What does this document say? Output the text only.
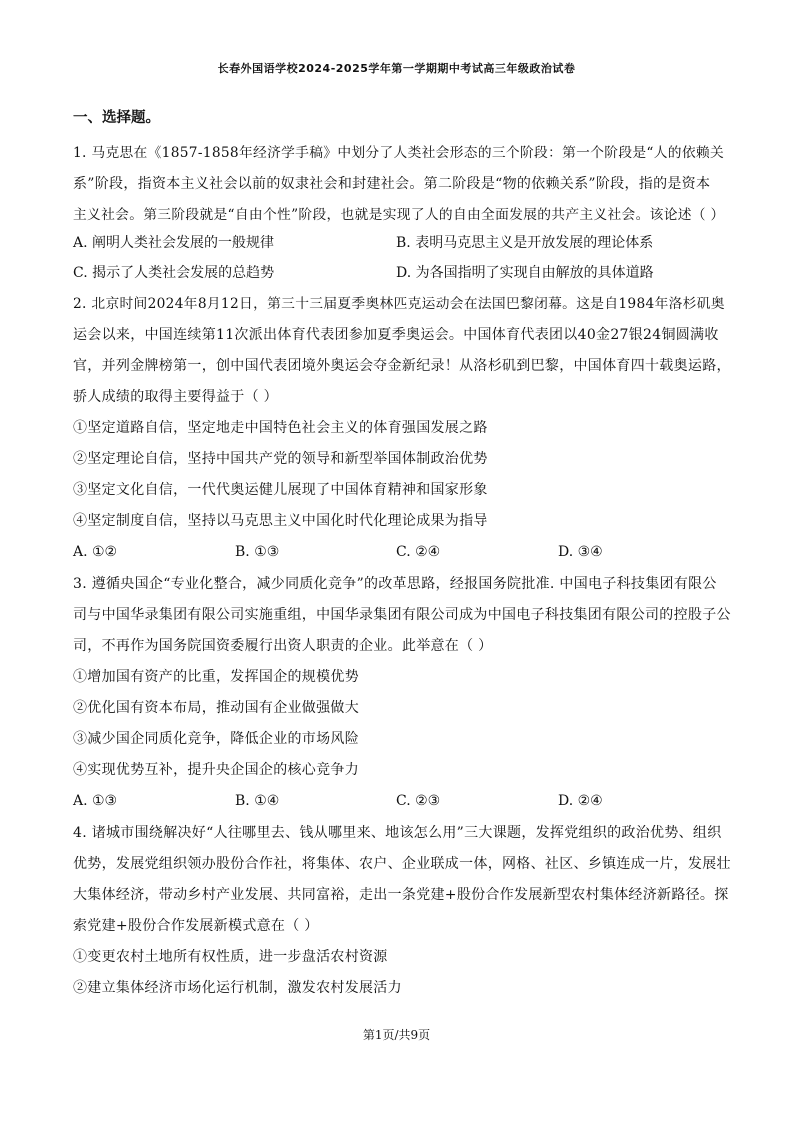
长春外国语学校2024-2025学年第一学期期中考试高三年级政治试卷
一、选择题。
1. 马克思在《1857-1858年经济学手稿》中划分了人类社会形态的三个阶段：第一个阶段是“人的依赖关
系”阶段，指资本主义社会以前的奴隶社会和封建社会。第二阶段是“物的依赖关系”阶段，指的是资本
主义社会。第三阶段就是“自由个性”阶段，也就是实现了人的自由全面发展的共产主义社会。该论述（ ）
A. 阐明人类社会发展的一般规律	B. 表明马克思主义是开放发展的理论体系
C. 揭示了人类社会发展的总趋势	D. 为各国指明了实现自由解放的具体道路
2. 北京时间2024年8月12日，第三十三届夏季奥林匹克运动会在法国巴黎闭幕。这是自1984年洛杉矶奥
运会以来，中国连续第11次派出体育代表团参加夏季奥运会。中国体育代表团以40金27银24铜圆满收
官，并列金牌榜第一，创中国代表团境外奥运会夺金新纪录！从洛杉矶到巴黎，中国体育四十载奥运路，
骄人成绩的取得主要得益于（ ）
①坚定道路自信，坚定地走中国特色社会主义的体育强国发展之路
②坚定理论自信，坚持中国共产党的领导和新型举国体制政治优势
③坚定文化自信，一代代奥运健儿展现了中国体育精神和国家形象
④坚定制度自信，坚持以马克思主义中国化时代化理论成果为指导
A. ①②	B. ①③	C. ②④	D. ③④
3. 遵循央国企“专业化整合，减少同质化竞争”的改革思路，经报国务院批准. 中国电子科技集团有限公
司与中国华录集团有限公司实施重组，中国华录集团有限公司成为中国电子科技集团有限公司的控股子公
司，不再作为国务院国资委履行出资人职责的企业。此举意在（ ）
①增加国有资产的比重，发挥国企的规模优势
②优化国有资本布局，推动国有企业做强做大
③减少国企同质化竞争，降低企业的市场风险
④实现优势互补，提升央企国企的核心竞争力
A. ①③	B. ①④	C. ②③	D. ②④
4. 诸城市围绕解决好“人往哪里去、钱从哪里来、地该怎么用”三大课题，发挥党组织的政治优势、组织
优势，发展党组织领办股份合作社，将集体、农户、企业联成一体，网格、社区、乡镇连成一片，发展壮
大集体经济，带动乡村产业发展、共同富裕，走出一条党建+股份合作发展新型农村集体经济新路径。探
索党建+股份合作发展新模式意在（ ）
①变更农村土地所有权性质，进一步盘活农村资源
②建立集体经济市场化运行机制，激发农村发展活力
第1页/共9页
